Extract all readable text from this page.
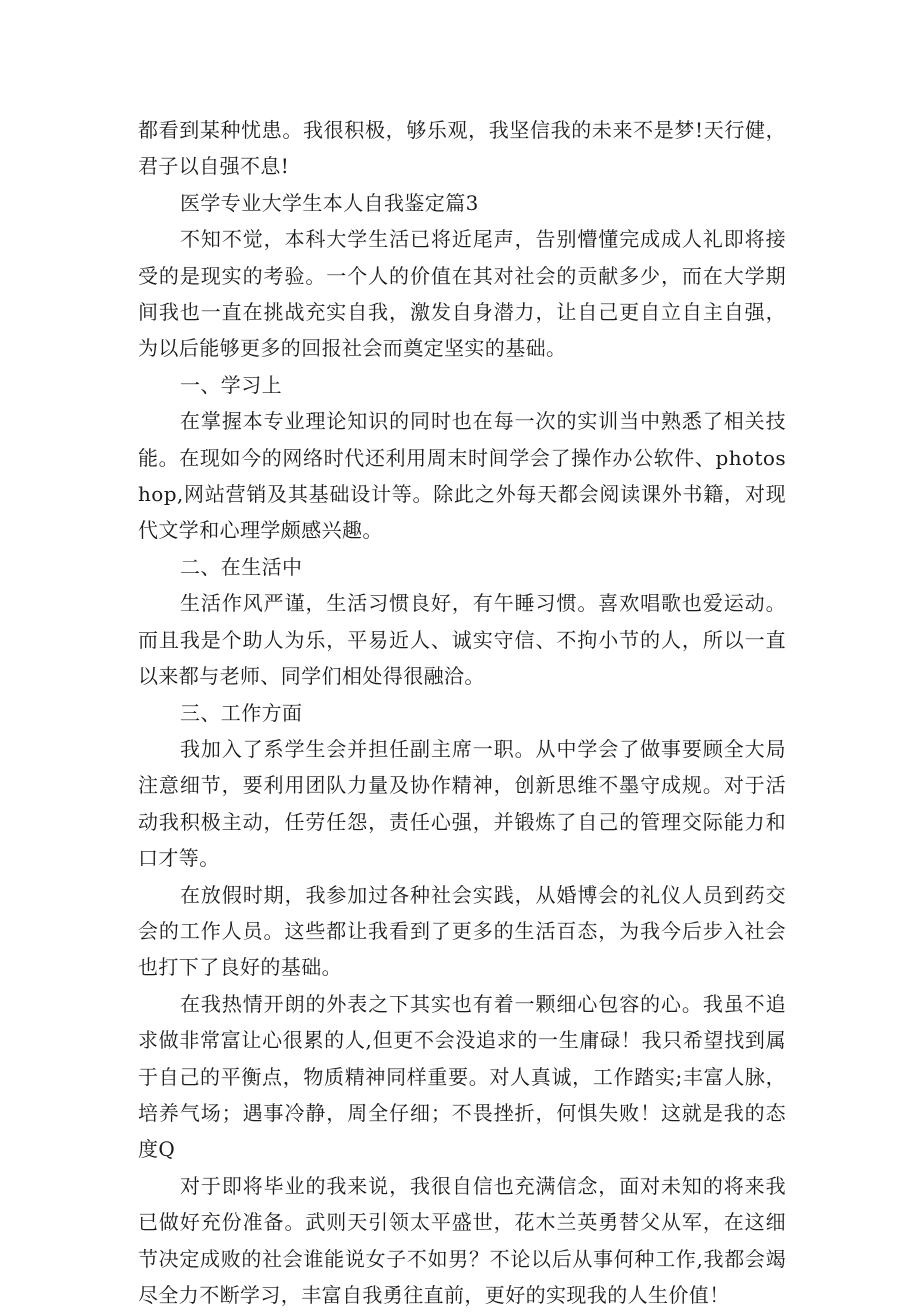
都看到某种忧患。我很积极，够乐观，我坚信我的未来不是梦!天行健，君子以自强不息!

医学专业大学生本人自我鉴定篇3

不知不觉，本科大学生活已将近尾声，告别懵懂完成成人礼即将接受的是现实的考验。一个人的价值在其对社会的贡献多少，而在大学期间我也一直在挑战充实自我，激发自身潜力，让自己更自立自主自强，为以后能够更多的回报社会而奠定坚实的基础。

一、学习上

在掌握本专业理论知识的同时也在每一次的实训当中熟悉了相关技能。在现如今的网络时代还利用周末时间学会了操作办公软件、photoshop,网站营销及其基础设计等。除此之外每天都会阅读课外书籍，对现代文学和心理学颇感兴趣。

二、在生活中

生活作风严谨，生活习惯良好，有午睡习惯。喜欢唱歌也爱运动。而且我是个助人为乐，平易近人、诚实守信、不拘小节的人，所以一直以来都与老师、同学们相处得很融洽。

三、工作方面

我加入了系学生会并担任副主席一职。从中学会了做事要顾全大局注意细节，要利用团队力量及协作精神，创新思维不墨守成规。对于活动我积极主动，任劳任怨，责任心强，并锻炼了自己的管理交际能力和口才等。

在放假时期，我参加过各种社会实践，从婚博会的礼仪人员到药交会的工作人员。这些都让我看到了更多的生活百态，为我今后步入社会也打下了良好的基础。

在我热情开朗的外表之下其实也有着一颗细心包容的心。我虽不追求做非常富让心很累的人,但更不会没追求的一生庸碌！我只希望找到属于自己的平衡点，物质精神同样重要。对人真诚，工作踏实;丰富人脉，培养气场；遇事冷静，周全仔细；不畏挫折，何惧失败！这就是我的态度Q

对于即将毕业的我来说，我很自信也充满信念，面对未知的将来我已做好充份准备。武则天引领太平盛世，花木兰英勇替父从军，在这细节决定成败的社会谁能说女子不如男？不论以后从事何种工作,我都会竭尽全力不断学习，丰富自我勇往直前，更好的实现我的人生价值！
